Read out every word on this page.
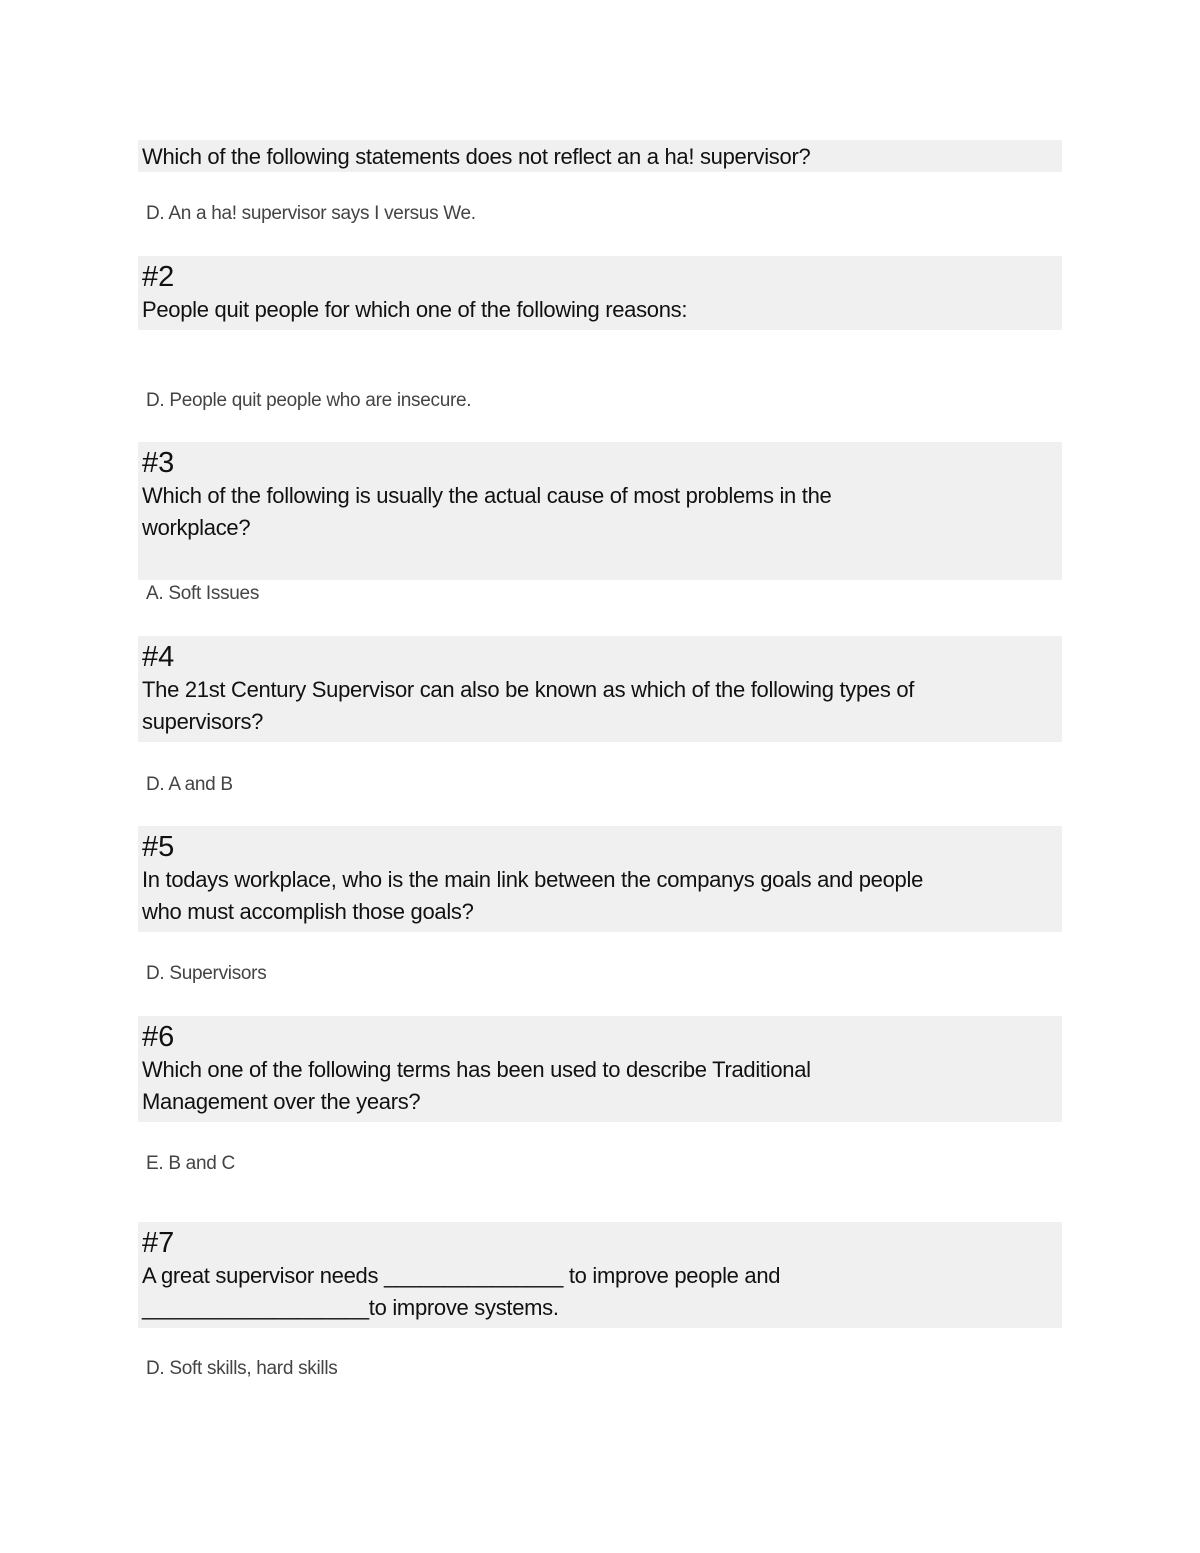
Which of the following statements does not reflect an a ha! supervisor?
D. An a ha! supervisor says I versus We.
#2
People quit people for which one of the following reasons:
D. People quit people who are insecure.
#3
Which of the following is usually the actual cause of most problems in the
workplace?
A. Soft Issues
#4
The 21st Century Supervisor can also be known as which of the following types of
supervisors?
D. A and B
#5
In todays workplace, who is the main link between the companys goals and people
who must accomplish those goals?
D. Supervisors
#6
Which one of the following terms has been used to describe Traditional
Management over the years?
E. B and C
#7
A great supervisor needs _______________ to improve people and
___________________to improve systems.
D. Soft skills, hard skills
